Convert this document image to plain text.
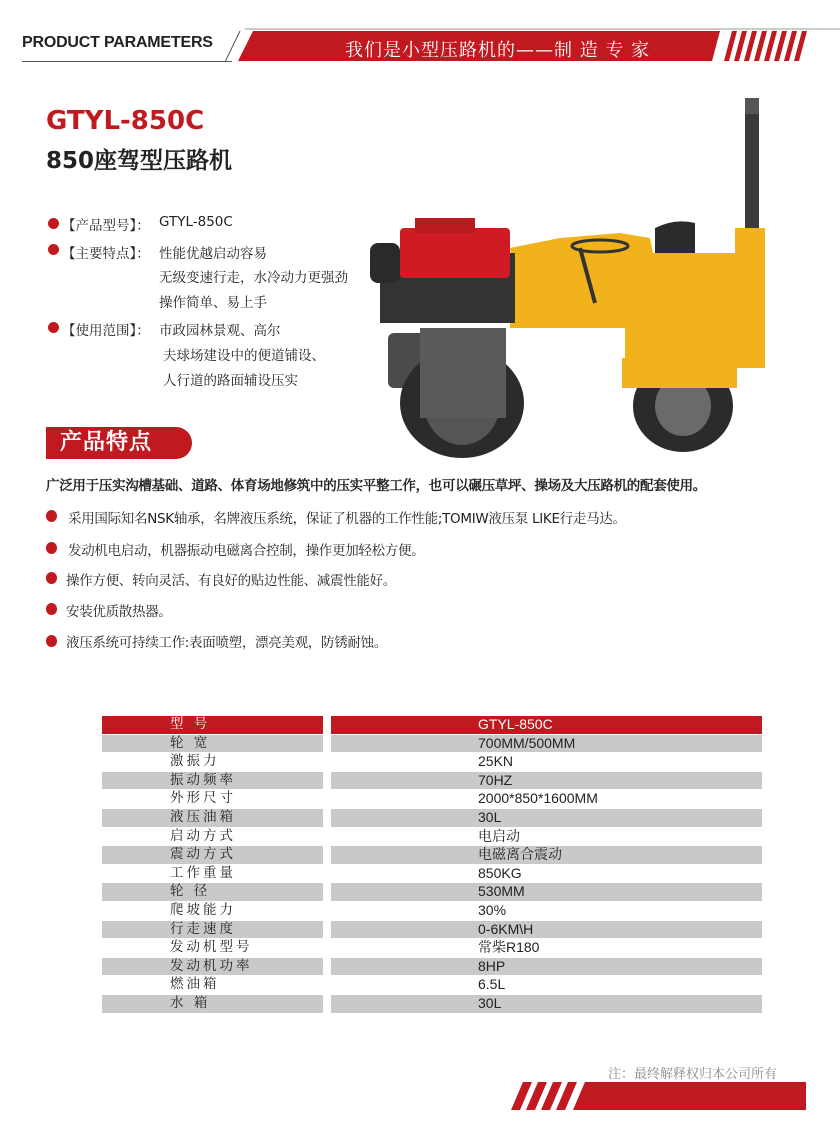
PRODUCT PARAMETERS	我们是小型压路机的——制 造 专 家
GTYL-850C
850座驾型压路机
【产品型号】： GTYL-850C
【主要特点】： 性能优越启动容易
无级变速行走，水冷动力更强劲
操作简单、易上手
【使用范围】： 市政园林景观、高尔
夫球场建设中的便道铺设、
人行道的路面辅设压实
产品特点
广泛用于压实沟槽基础、道路、体育场地修筑中的压实平整工作，也可以碾压草坪、操场及大压路机的配套使用。
采用国际知名NSK轴承，名牌液压系统，保证了机器的工作性能;TOMIW液压泵 LIKE行走马达。
发动机电启动，机器振动电磁离合控制，操作更加轻松方便。
操作方便、转向灵活、有良好的贴边性能、减震性能好。
安装优质散热器。
液压系统可持续工作:表面喷塑，漂亮美观，防锈耐蚀。
型 号	GTYL-850C
轮 宽	700MM/500MM
激振力	25KN
振动频率	70HZ
外形尺寸	2000*850*1600MM
液压油箱	30L
启动方式	电启动
震动方式	电磁离合震动
工作重量	850KG
轮 径	530MM
爬坡能力	30%
行走速度	0-6KM\H
发动机型号	常柴R180
发动机功率	8HP
燃油箱	6.5L
水 箱	30L
注：最终解释权归本公司所有
